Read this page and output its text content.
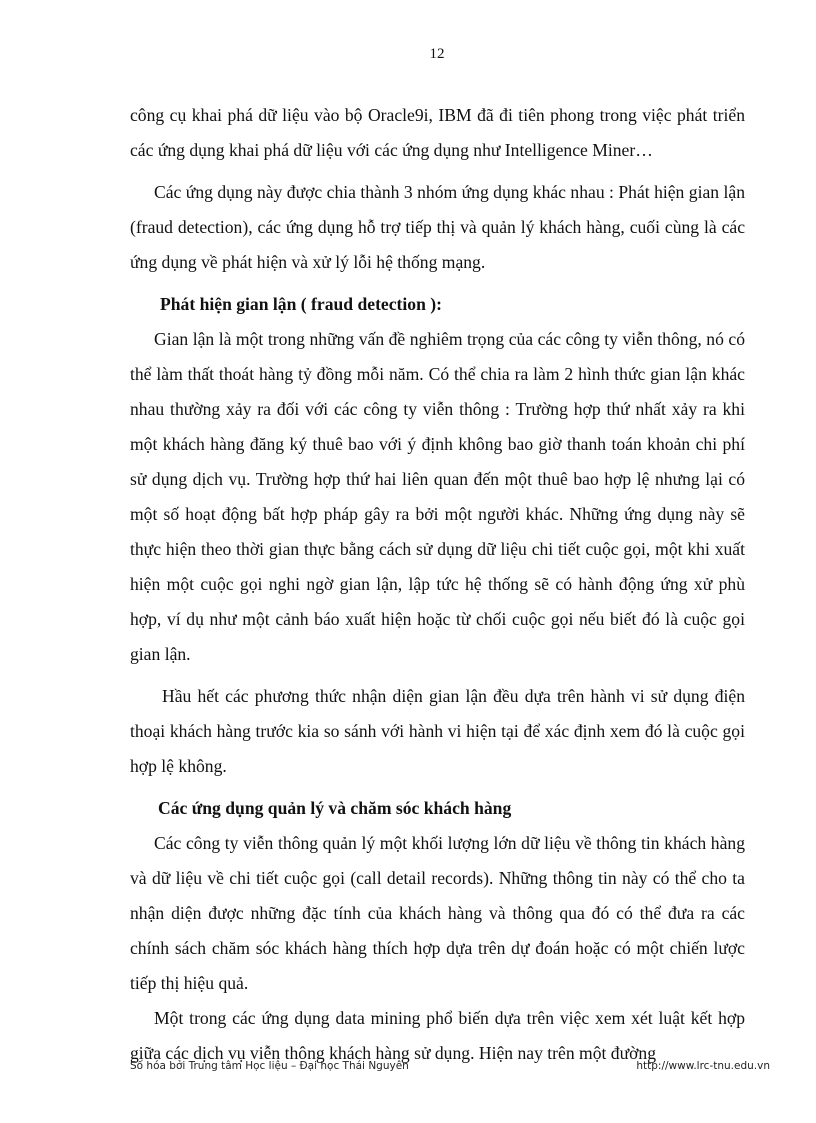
12

công cụ khai phá dữ liệu vào bộ Oracle9i, IBM đã đi tiên phong trong việc phát triển các ứng dụng khai phá dữ liệu với các ứng dụng như Intelligence Miner…

Các ứng dụng này được chia thành 3 nhóm ứng dụng khác nhau : Phát hiện gian lận (fraud detection), các ứng dụng hỗ trợ tiếp thị và quản lý khách hàng, cuối cùng là các ứng dụng về phát hiện và xử lý lỗi hệ thống mạng.

Phát hiện gian lận ( fraud detection ):

Gian lận là một trong những vấn đề nghiêm trọng của các công ty viễn thông, nó có thể làm thất thoát hàng tỷ đồng mỗi năm. Có thể chia ra làm 2 hình thức gian lận khác nhau thường xảy ra đối với các công ty viễn thông : Trường hợp thứ nhất xảy ra khi một khách hàng đăng ký thuê bao với ý định không bao giờ thanh toán khoản chi phí sử dụng dịch vụ. Trường hợp thứ hai liên quan đến một thuê bao hợp lệ nhưng lại có một số hoạt động bất hợp pháp gây ra bởi một người khác. Những ứng dụng này sẽ thực hiện theo thời gian thực bằng cách sử dụng dữ liệu chi tiết cuộc gọi, một khi xuất hiện một cuộc gọi nghi ngờ gian lận, lập tức hệ thống sẽ có hành động ứng xử phù hợp, ví dụ như một cảnh báo xuất hiện hoặc từ chối cuộc gọi nếu biết đó là cuộc gọi gian lận.

Hầu hết các phương thức nhận diện gian lận đều dựa trên hành vi sử dụng điện thoại khách hàng trước kia so sánh với hành vi hiện tại để xác định xem đó là cuộc gọi hợp lệ không.

Các ứng dụng quản lý và chăm sóc khách hàng

Các công ty viễn thông quản lý một khối lượng lớn dữ liệu về thông tin khách hàng và dữ liệu về chi tiết cuộc gọi (call detail records). Những thông tin này có thể cho ta nhận diện được những đặc tính của khách hàng và thông qua đó có thể đưa ra các chính sách chăm sóc khách hàng thích hợp dựa trên dự đoán hoặc có một chiến lược tiếp thị hiệu quả.

Một trong các ứng dụng data mining phổ biến dựa trên việc xem xét luật kết hợp giữa các dịch vụ viễn thông khách hàng sử dụng. Hiện nay trên một đường

Số hóa bởi Trung tâm Học liệu – Đại học Thái Nguyên	http://www.lrc-tnu.edu.vn
